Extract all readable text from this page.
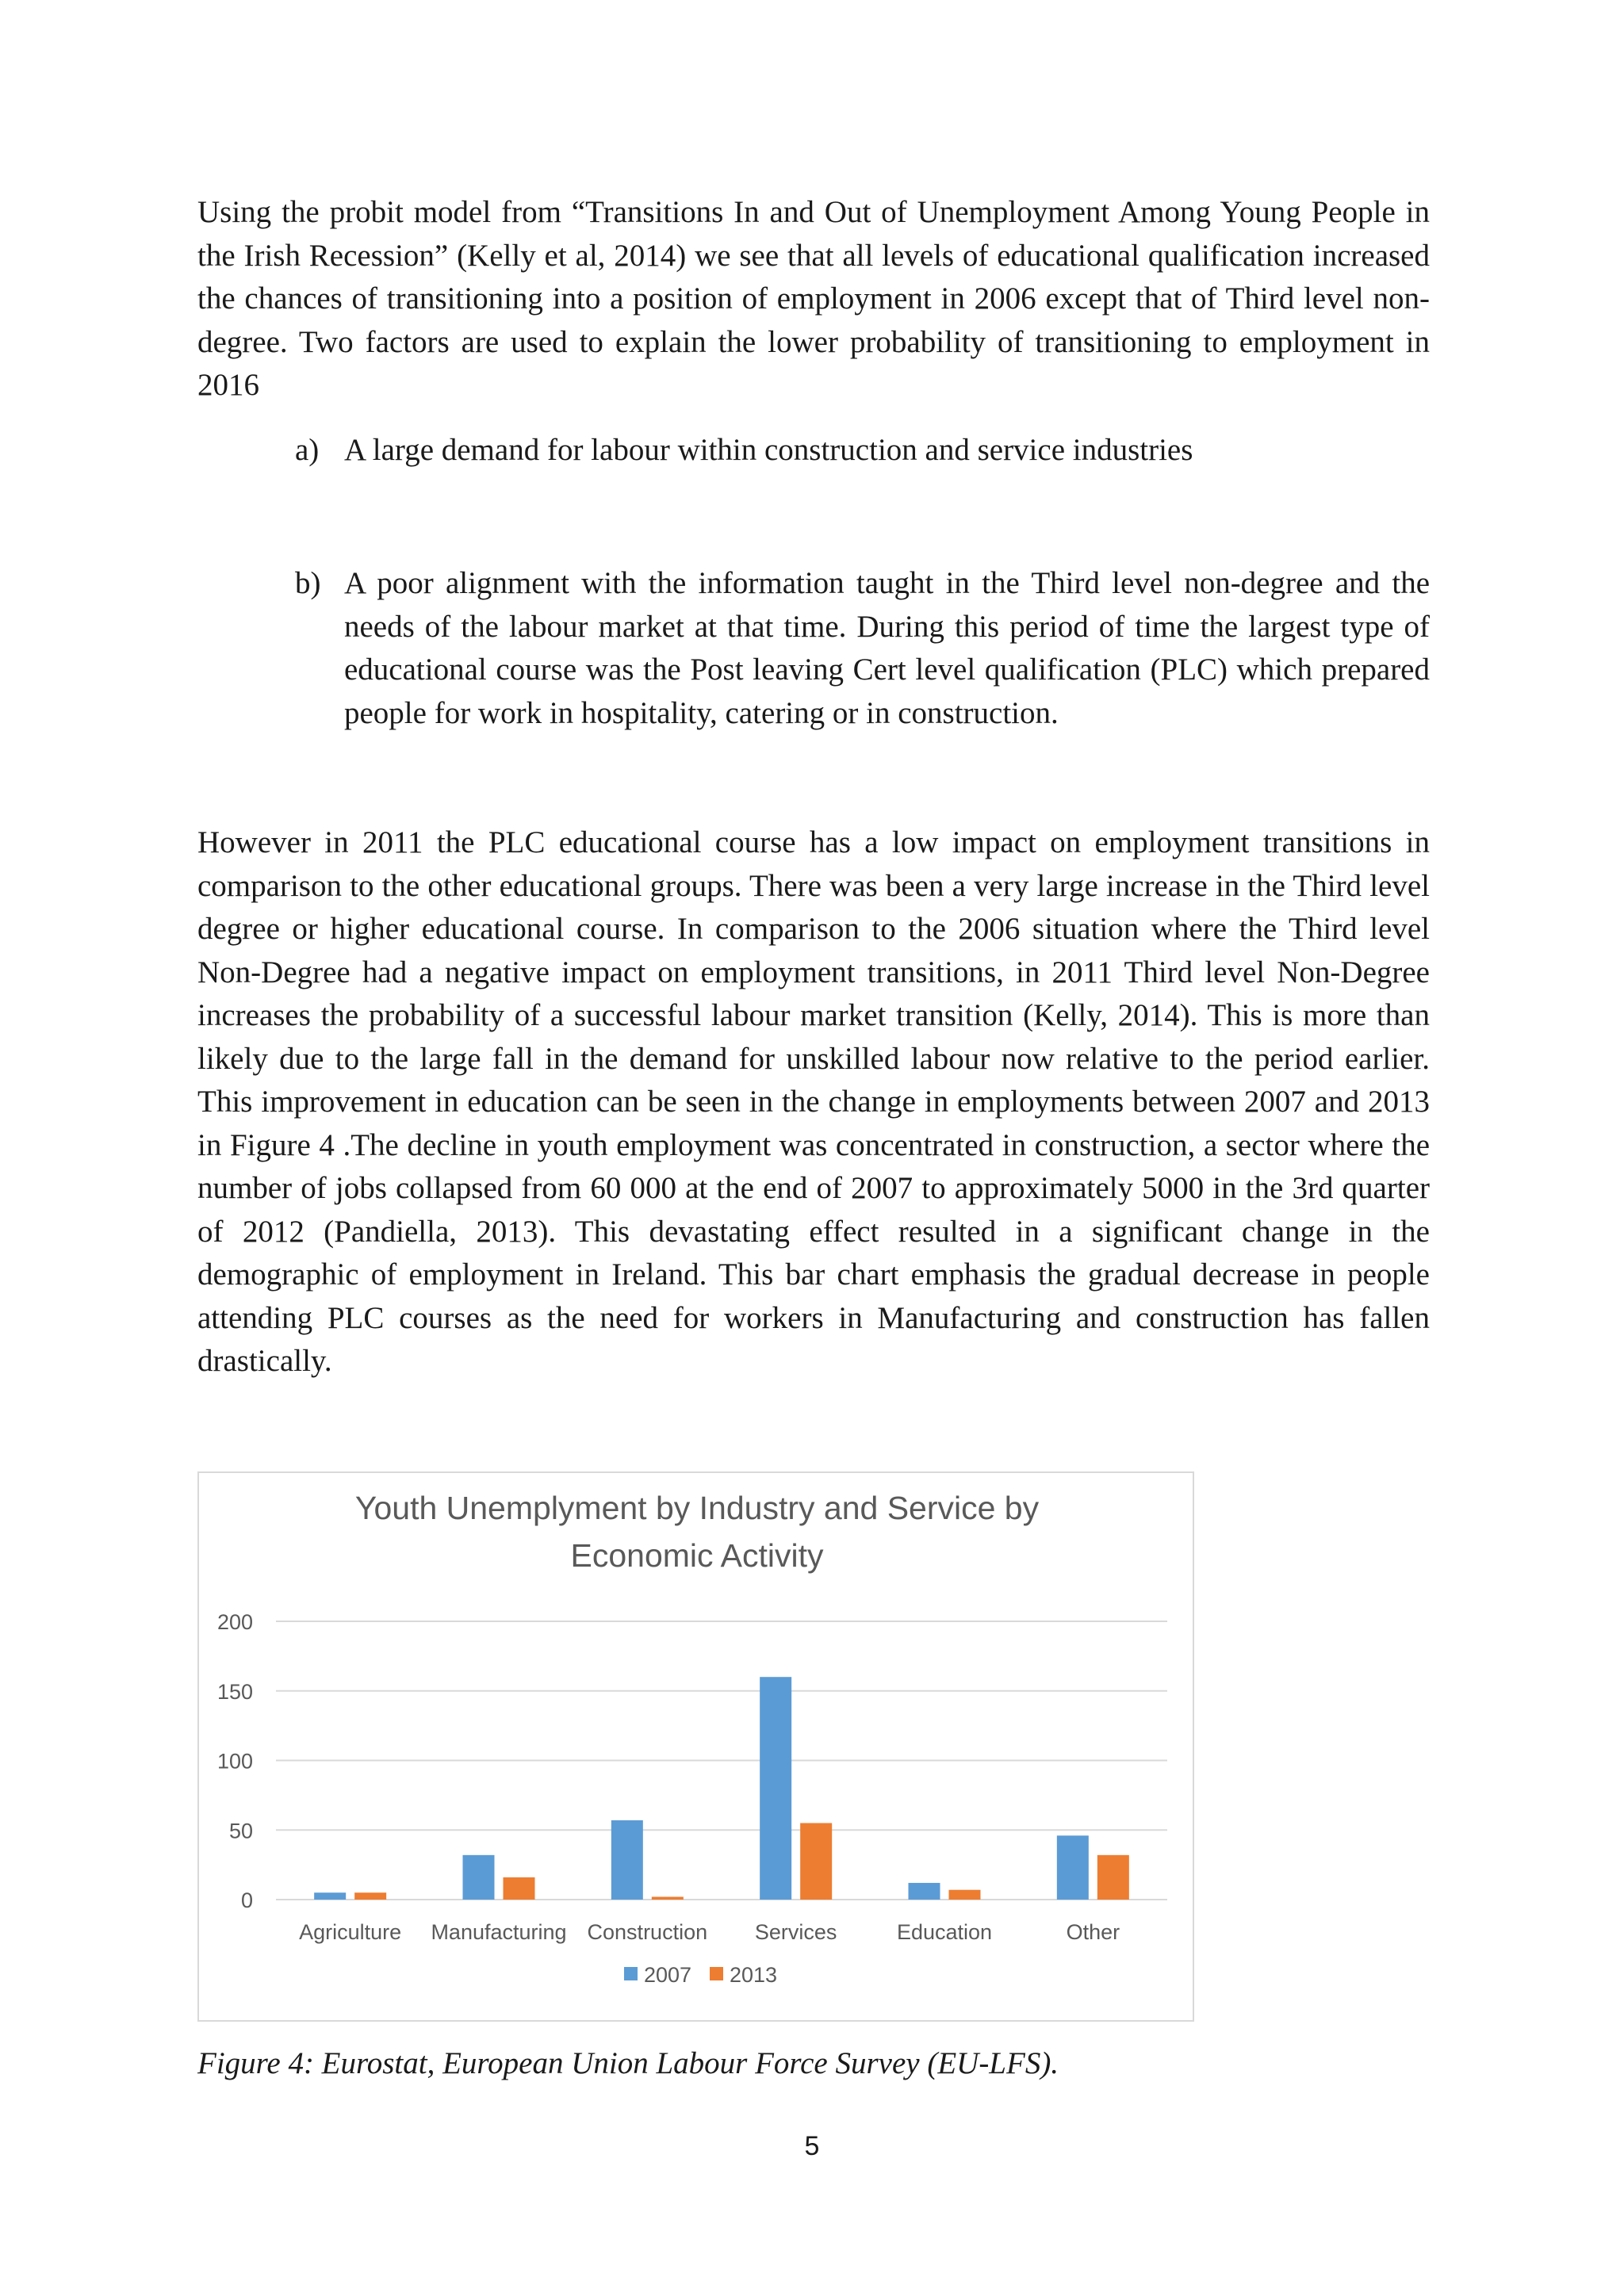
Using the probit model from “Transitions In and Out of Unemployment Among Young People in the Irish Recession” (Kelly et al, 2014) we see that all levels of educational qualification increased the chances of transitioning into a position of employment in 2006 except that of Third level non-degree. Two factors are used to explain the lower probability of transitioning to employment in 2016

a) A large demand for labour within construction and service industries
b) A poor alignment with the information taught in the Third level non-degree and the needs of the labour market at that time. During this period of time the largest type of educational course was the Post leaving Cert level qualification (PLC) which prepared people for work in hospitality, catering or in construction.

However in 2011 the PLC educational course has a low impact on employment transitions in comparison to the other educational groups. There was been a very large increase in the Third level degree or higher educational course. In comparison to the 2006 situation where the Third level Non-Degree had a negative impact on employment transitions, in 2011 Third level Non-Degree increases the probability of a successful labour market transition (Kelly, 2014). This is more than likely due to the large fall in the demand for unskilled labour now relative to the period earlier. This improvement in education can be seen in the change in employments between 2007 and 2013 in Figure 4 .The decline in youth employment was concentrated in construction, a sector where the number of jobs collapsed from 60 000 at the end of 2007 to approximately 5000 in the 3rd quarter of 2012 (Pandiella, 2013). This devastating effect resulted in a significant change in the demographic of employment in Ireland. This bar chart emphasis the gradual decrease in people attending PLC courses as the need for workers in Manufacturing and construction has fallen drastically.

Youth Unemplyment by Industry and Service by
Economic Activity
0
50
100
150
200
Agriculture Manufacturing Construction Services	Education	Other
2007 2013
Figure 4: Eurostat, European Union Labour Force Survey (EU-LFS).
5
